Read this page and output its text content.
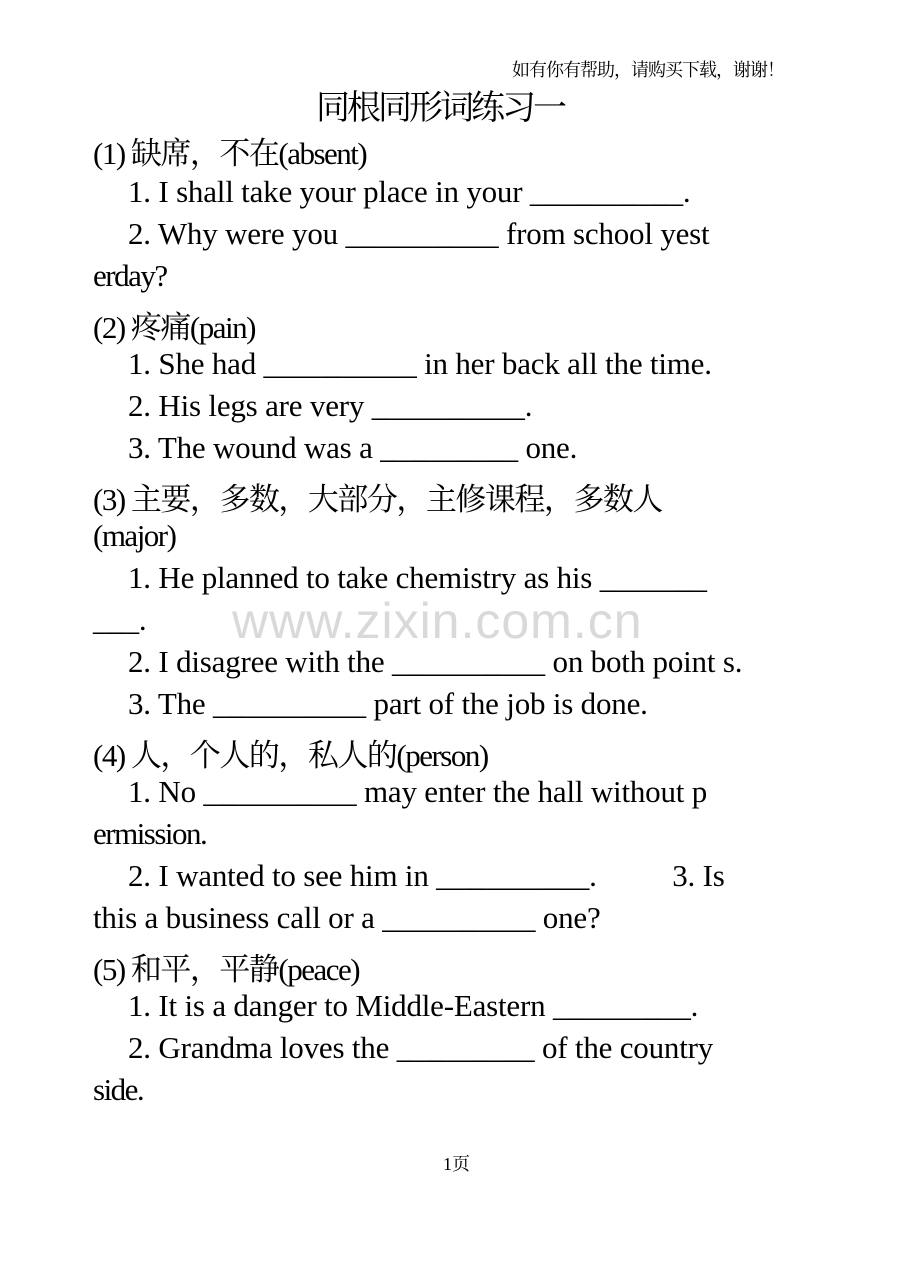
如有你有帮助，请购买下载，谢谢！
同根同形词练习一
(1) 缺席，不在(absent)
1. I shall take your place in your __________.
2. Why were you __________ from school yest
erday?
(2) 疼痛(pain)
1. She had __________ in her back all the time.
2. His legs are very __________.
3. The wound was a _________ one.
(3) 主要，多数，大部分，主修课程，多数人
(major)
1. He planned to take chemistry as his _______
___.
2. I disagree with the __________ on both point s.
3. The __________ part of the job is done.
(4) 人，个人的，私人的(person)
1. No __________ may enter the hall without p
ermission.
2. I wanted to see him in __________.          3. Is
this a business call or a __________ one?
(5) 和平，平静(peace)
1. It is a danger to Middle-Eastern _________.
2. Grandma loves the _________ of the country
side.
www.zixin.com.cn
1页
